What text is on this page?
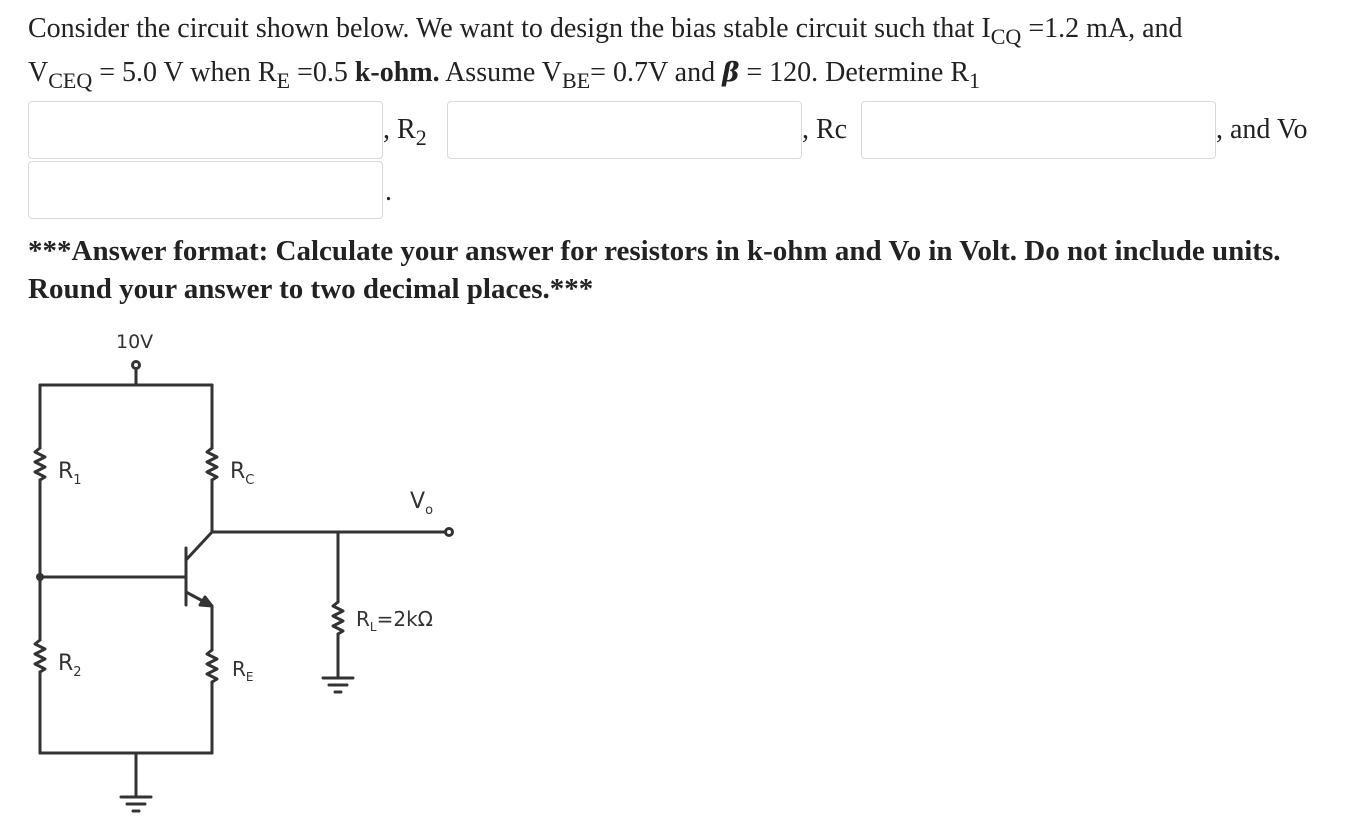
Consider the circuit shown below. We want to design the bias stable circuit such that $I_{CQ} =1.2$ mA, and
$V_{CEQ} = 5.0$ V when $R_E =0.5$ k-ohm. Assume $V_{BE}= 0.7V$ and β = 120. Determine $R_1$
, $R_2$	, Rc	, and Vo
.
***Answer format: Calculate your answer for resistors in k-ohm and Vo in Volt. Do not include units. Round your answer to two decimal places.***
10V
$R_1$	$R_C$
$V_o$
$R_L=2k\Omega$
$R_2$	$R_E$
